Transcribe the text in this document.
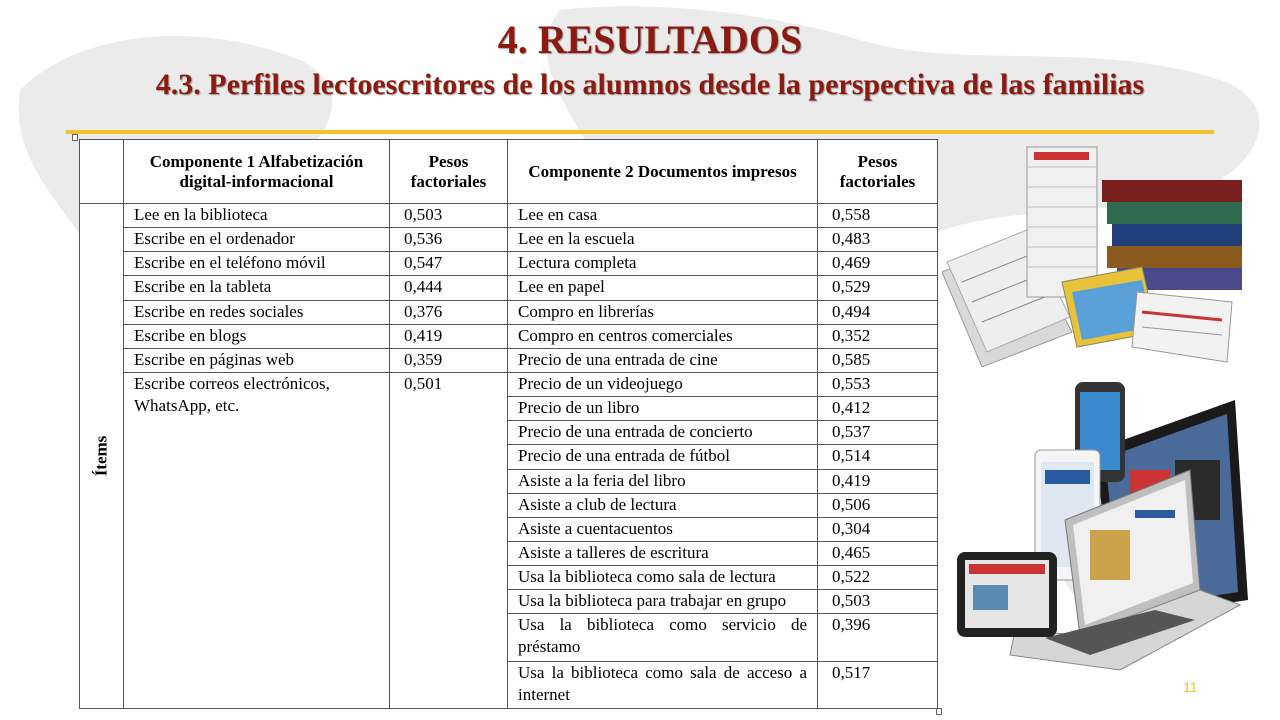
4. RESULTADOS
4.3. Perfiles lectoescritores de los alumnos desde la perspectiva de las familias
	Componente 1 Alfabetización digital-informacional	Pesos factoriales	Componente 2 Documentos impresos	Pesos factoriales
Ítems	Lee en la biblioteca	0,503	Lee en casa	0,558
	Escribe en el ordenador	0,536	Lee en la escuela	0,483
	Escribe en el teléfono móvil	0,547	Lectura completa	0,469
	Escribe en la tableta	0,444	Lee en papel	0,529
	Escribe en redes sociales	0,376	Compro en librerías	0,494
	Escribe en blogs	0,419	Compro en centros comerciales	0,352
	Escribe en páginas web	0,359	Precio de una entrada de cine	0,585
	Escribe correos electrónicos, WhatsApp, etc.	0,501	Precio de un videojuego	0,553
			Precio de un libro	0,412
			Precio de una entrada de concierto	0,537
			Precio de una entrada de fútbol	0,514
			Asiste a la feria del libro	0,419
			Asiste a club de lectura	0,506
			Asiste a cuentacuentos	0,304
			Asiste a talleres de escritura	0,465
			Usa la biblioteca como sala de lectura	0,522
			Usa la biblioteca para trabajar en grupo	0,503
			Usa la biblioteca como servicio de préstamo	0,396
			Usa la biblioteca como sala de acceso a internet	0,517
11
